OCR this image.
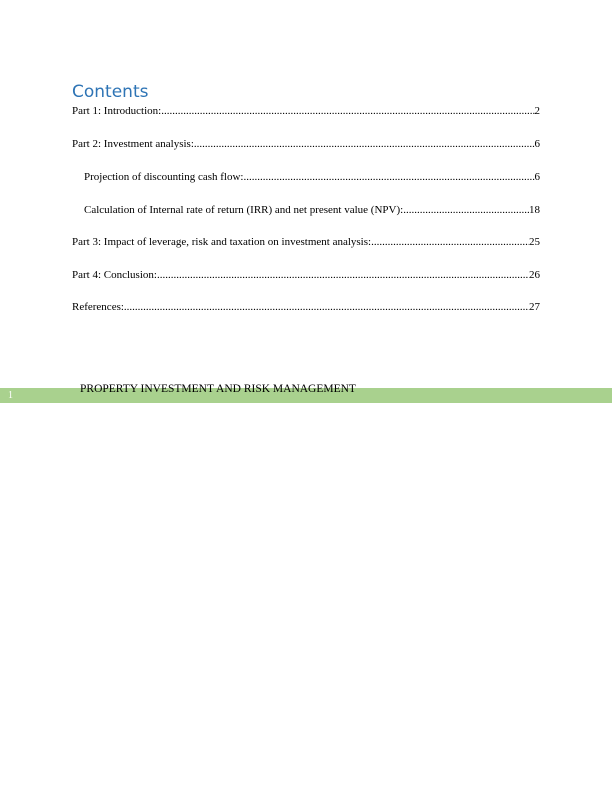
Contents
Part 1: Introduction: .....	2
Part 2: Investment analysis: .....	6
Projection of discounting cash flow: .....	6
Calculation of Internal rate of return (IRR) and net present value (NPV): .....	18
Part 3: Impact of leverage, risk and taxation on investment analysis: .....	25
Part 4: Conclusion: .....	26
References: .....	27
1
PROPERTY INVESTMENT AND RISK MANAGEMENT
